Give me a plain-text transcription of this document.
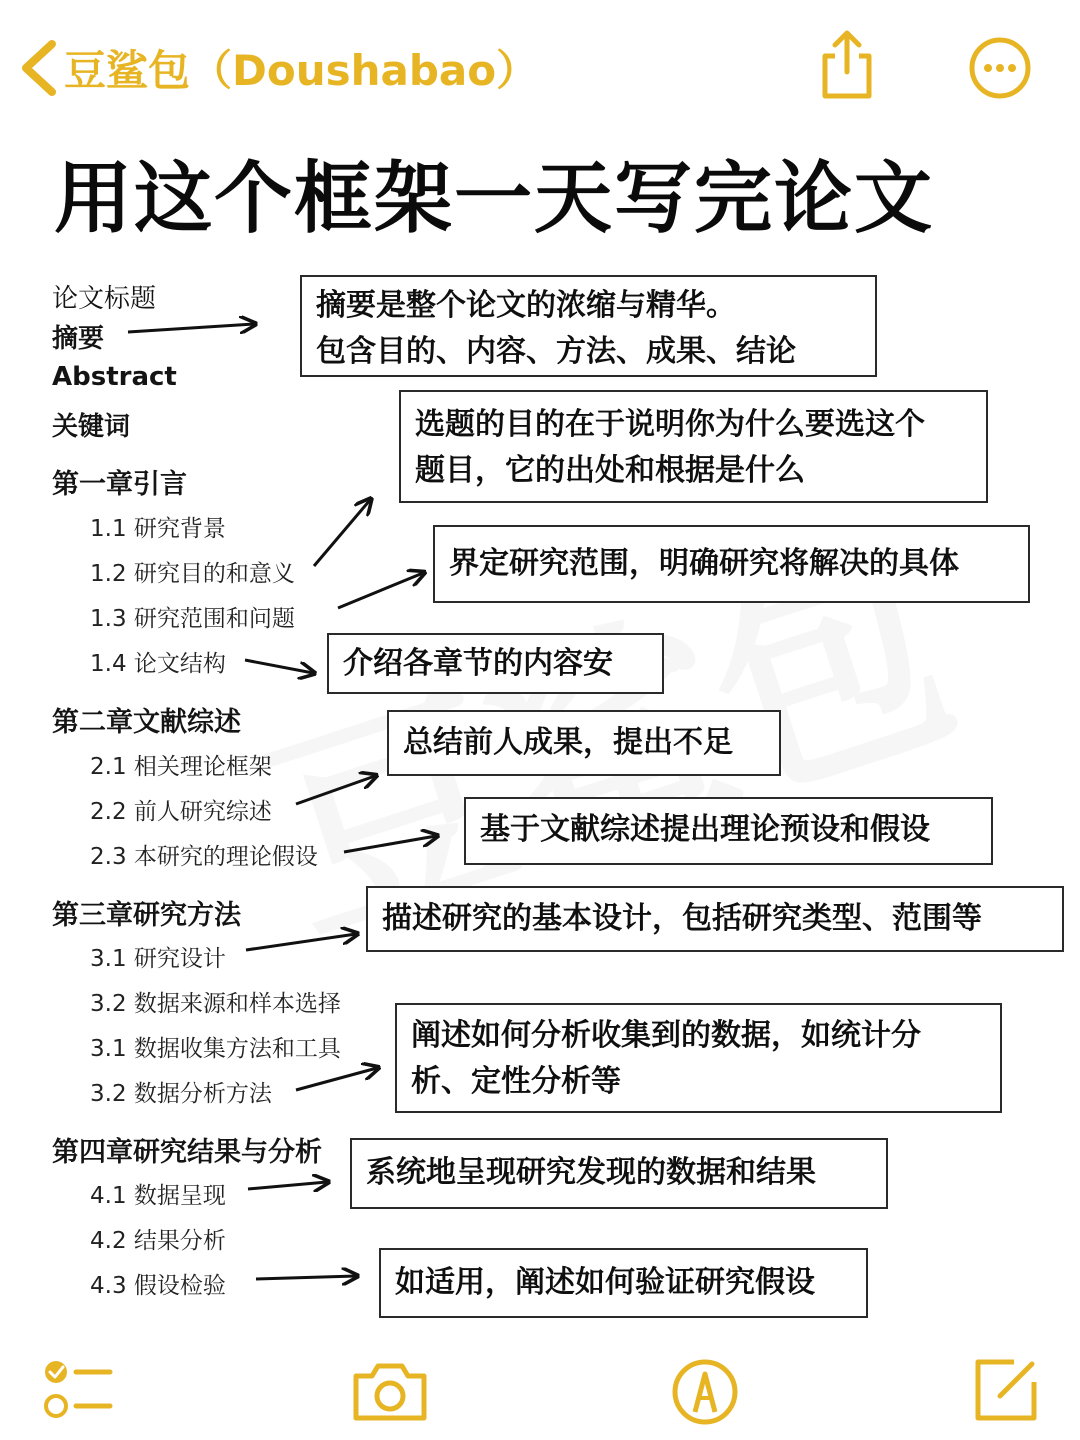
豆鲨包（Doushabao）
用这个框架一天写完论文
论文标题
摘要
Abstract
关键词
第一章引言
1.1 研究背景
1.2 研究目的和意义
1.3 研究范围和问题
1.4 论文结构
第二章文献综述
2.1 相关理论框架
2.2 前人研究综述
2.3 本研究的理论假设
第三章研究方法
3.1 研究设计
3.2 数据来源和样本选择
3.1 数据收集方法和工具
3.2 数据分析方法
第四章研究结果与分析
4.1 数据呈现
4.2 结果分析
4.3 假设检验
摘要是整个论文的浓缩与精华。
包含目的、内容、方法、成果、结论
选题的目的在于说明你为什么要选这个
题目，它的出处和根据是什么
界定研究范围，明确研究将解决的具体
介绍各章节的内容安
总结前人成果，提出不足
基于文献综述提出理论预设和假设
描述研究的基本设计，包括研究类型、范围等
阐述如何分析收集到的数据，如统计分
析、定性分析等
系统地呈现研究发现的数据和结果
如适用，阐述如何验证研究假设
